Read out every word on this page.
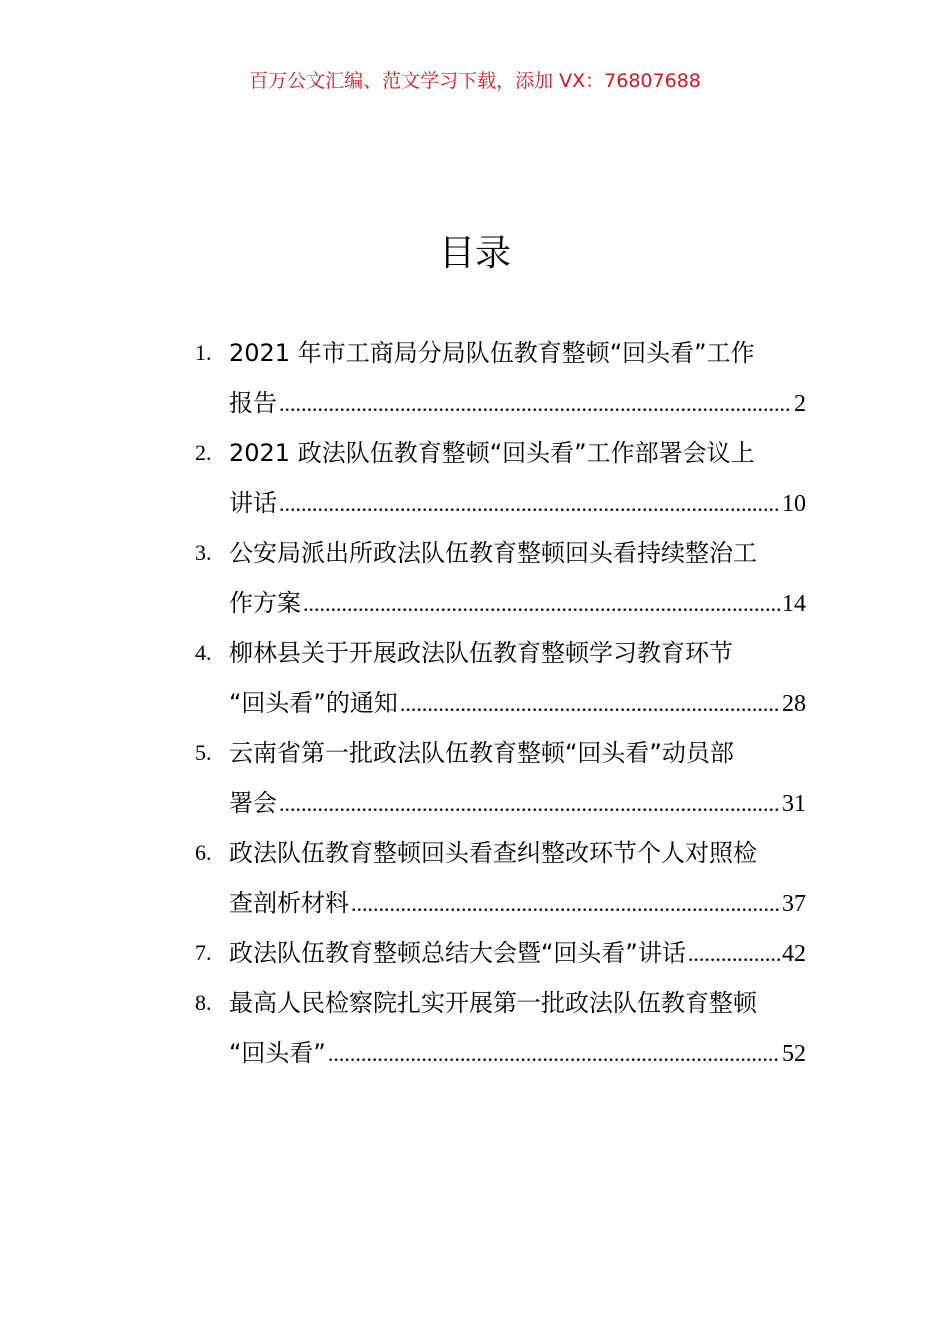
百万公文汇编、范文学习下载，添加 VX：76807688
目录
1. 2021 年市工商局分局队伍教育整顿“回头看”工作
报告 .....	2
2. 2021 政法队伍教育整顿“回头看”工作部署会议上
讲话 .....	10
3. 公安局派出所政法队伍教育整顿回头看持续整治工
作方案 .....	14
4. 柳林县关于开展政法队伍教育整顿学习教育环节
“回头看”的通知 .....	28
5. 云南省第一批政法队伍教育整顿“回头看”动员部
署会 .....	31
6. 政法队伍教育整顿回头看查纠整改环节个人对照检
查剖析材料 .....	37
7. 政法队伍教育整顿总结大会暨“回头看”讲话 .....	42
8. 最高人民检察院扎实开展第一批政法队伍教育整顿
“回头看” .....	52
